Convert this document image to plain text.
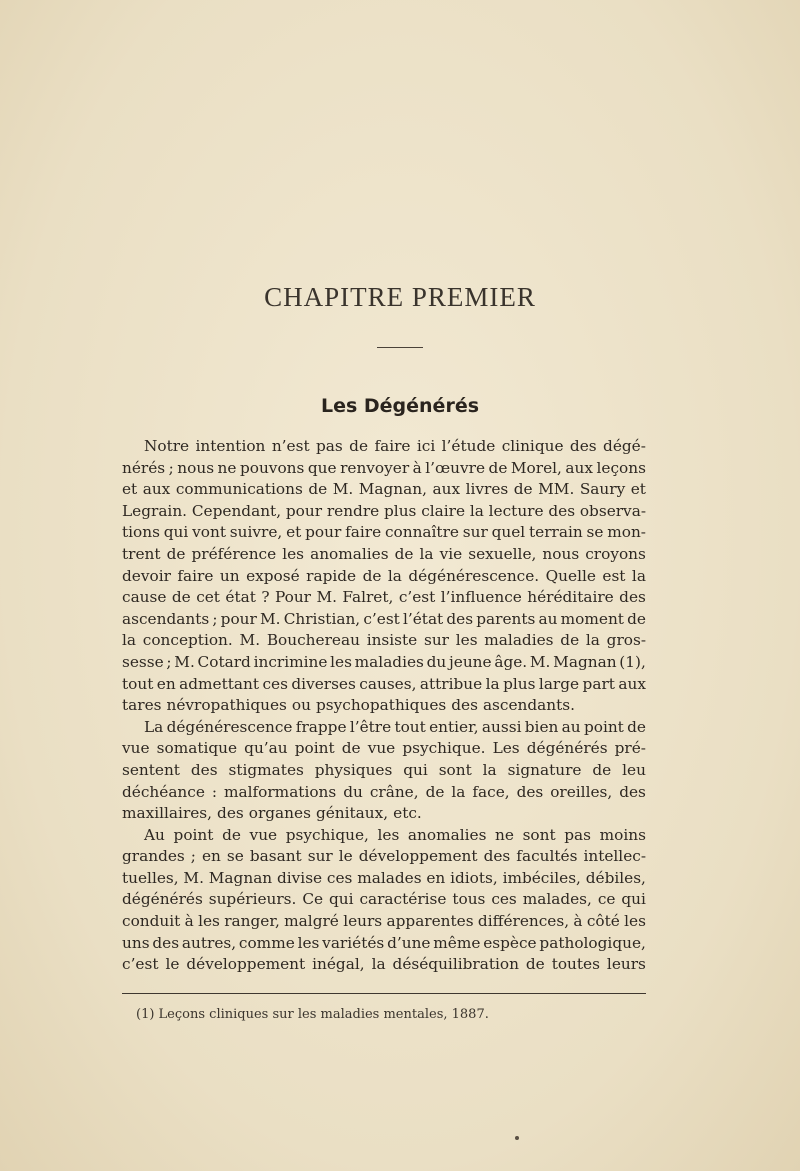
CHAPITRE PREMIER
Les Dégénérés
Notre intention n’est pas de faire ici l’étude clinique des dégé-
nérés ; nous ne pouvons que renvoyer à l’œuvre de Morel, aux leçons
et aux communications de M. Magnan, aux livres de MM. Saury et
Legrain. Cependant, pour rendre plus claire la lecture des observa-
tions qui vont suivre, et pour faire connaître sur quel terrain se mon-
trent de préférence les anomalies de la vie sexuelle, nous croyons
devoir faire un exposé rapide de la dégénérescence. Quelle est la
cause de cet état ? Pour M. Falret, c’est l’influence héréditaire des
ascendants ; pour M. Christian, c’est l’état des parents au moment de
la conception. M. Bouchereau insiste sur les maladies de la gros-
sesse ; M. Cotard incrimine les maladies du jeune âge. M. Magnan (1),
tout en admettant ces diverses causes, attribue la plus large part aux
tares névropathiques ou psychopathiques des ascendants.
La dégénérescence frappe l’être tout entier, aussi bien au point de
vue somatique qu’au point de vue psychique. Les dégénérés pré-
sentent des stigmates physiques qui sont la signature de leu
déchéance : malformations du crâne, de la face, des oreilles, des
maxillaires, des organes génitaux, etc.
Au point de vue psychique, les anomalies ne sont pas moins
grandes ; en se basant sur le développement des facultés intellec-
tuelles, M. Magnan divise ces malades en idiots, imbéciles, débiles,
dégénérés supérieurs. Ce qui caractérise tous ces malades, ce qui
conduit à les ranger, malgré leurs apparentes différences, à côté les
uns des autres, comme les variétés d’une même espèce pathologique,
c’est le développement inégal, la déséquilibration de toutes leurs
(1) Leçons cliniques sur les maladies mentales, 1887.
